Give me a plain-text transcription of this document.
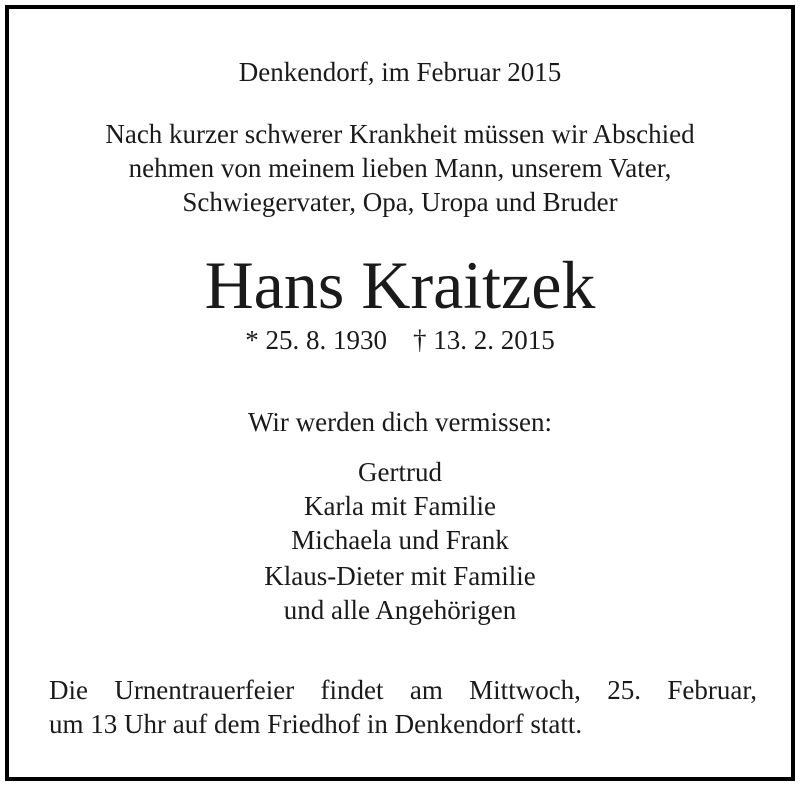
Denkendorf, im Februar 2015
Nach kurzer schwerer Krankheit müssen wir Abschied
nehmen von meinem lieben Mann, unserem Vater,
Schwiegervater, Opa, Uropa und Bruder
Hans Kraitzek
* 25. 8. 1930 † 13. 2. 2015
Wir werden dich vermissen:
Gertrud
Karla mit Familie
Michaela und Frank
Klaus-Dieter mit Familie
und alle Angehörigen
Die Urnentrauerfeier findet am Mittwoch, 25. Februar,
um 13 Uhr auf dem Friedhof in Denkendorf statt.
